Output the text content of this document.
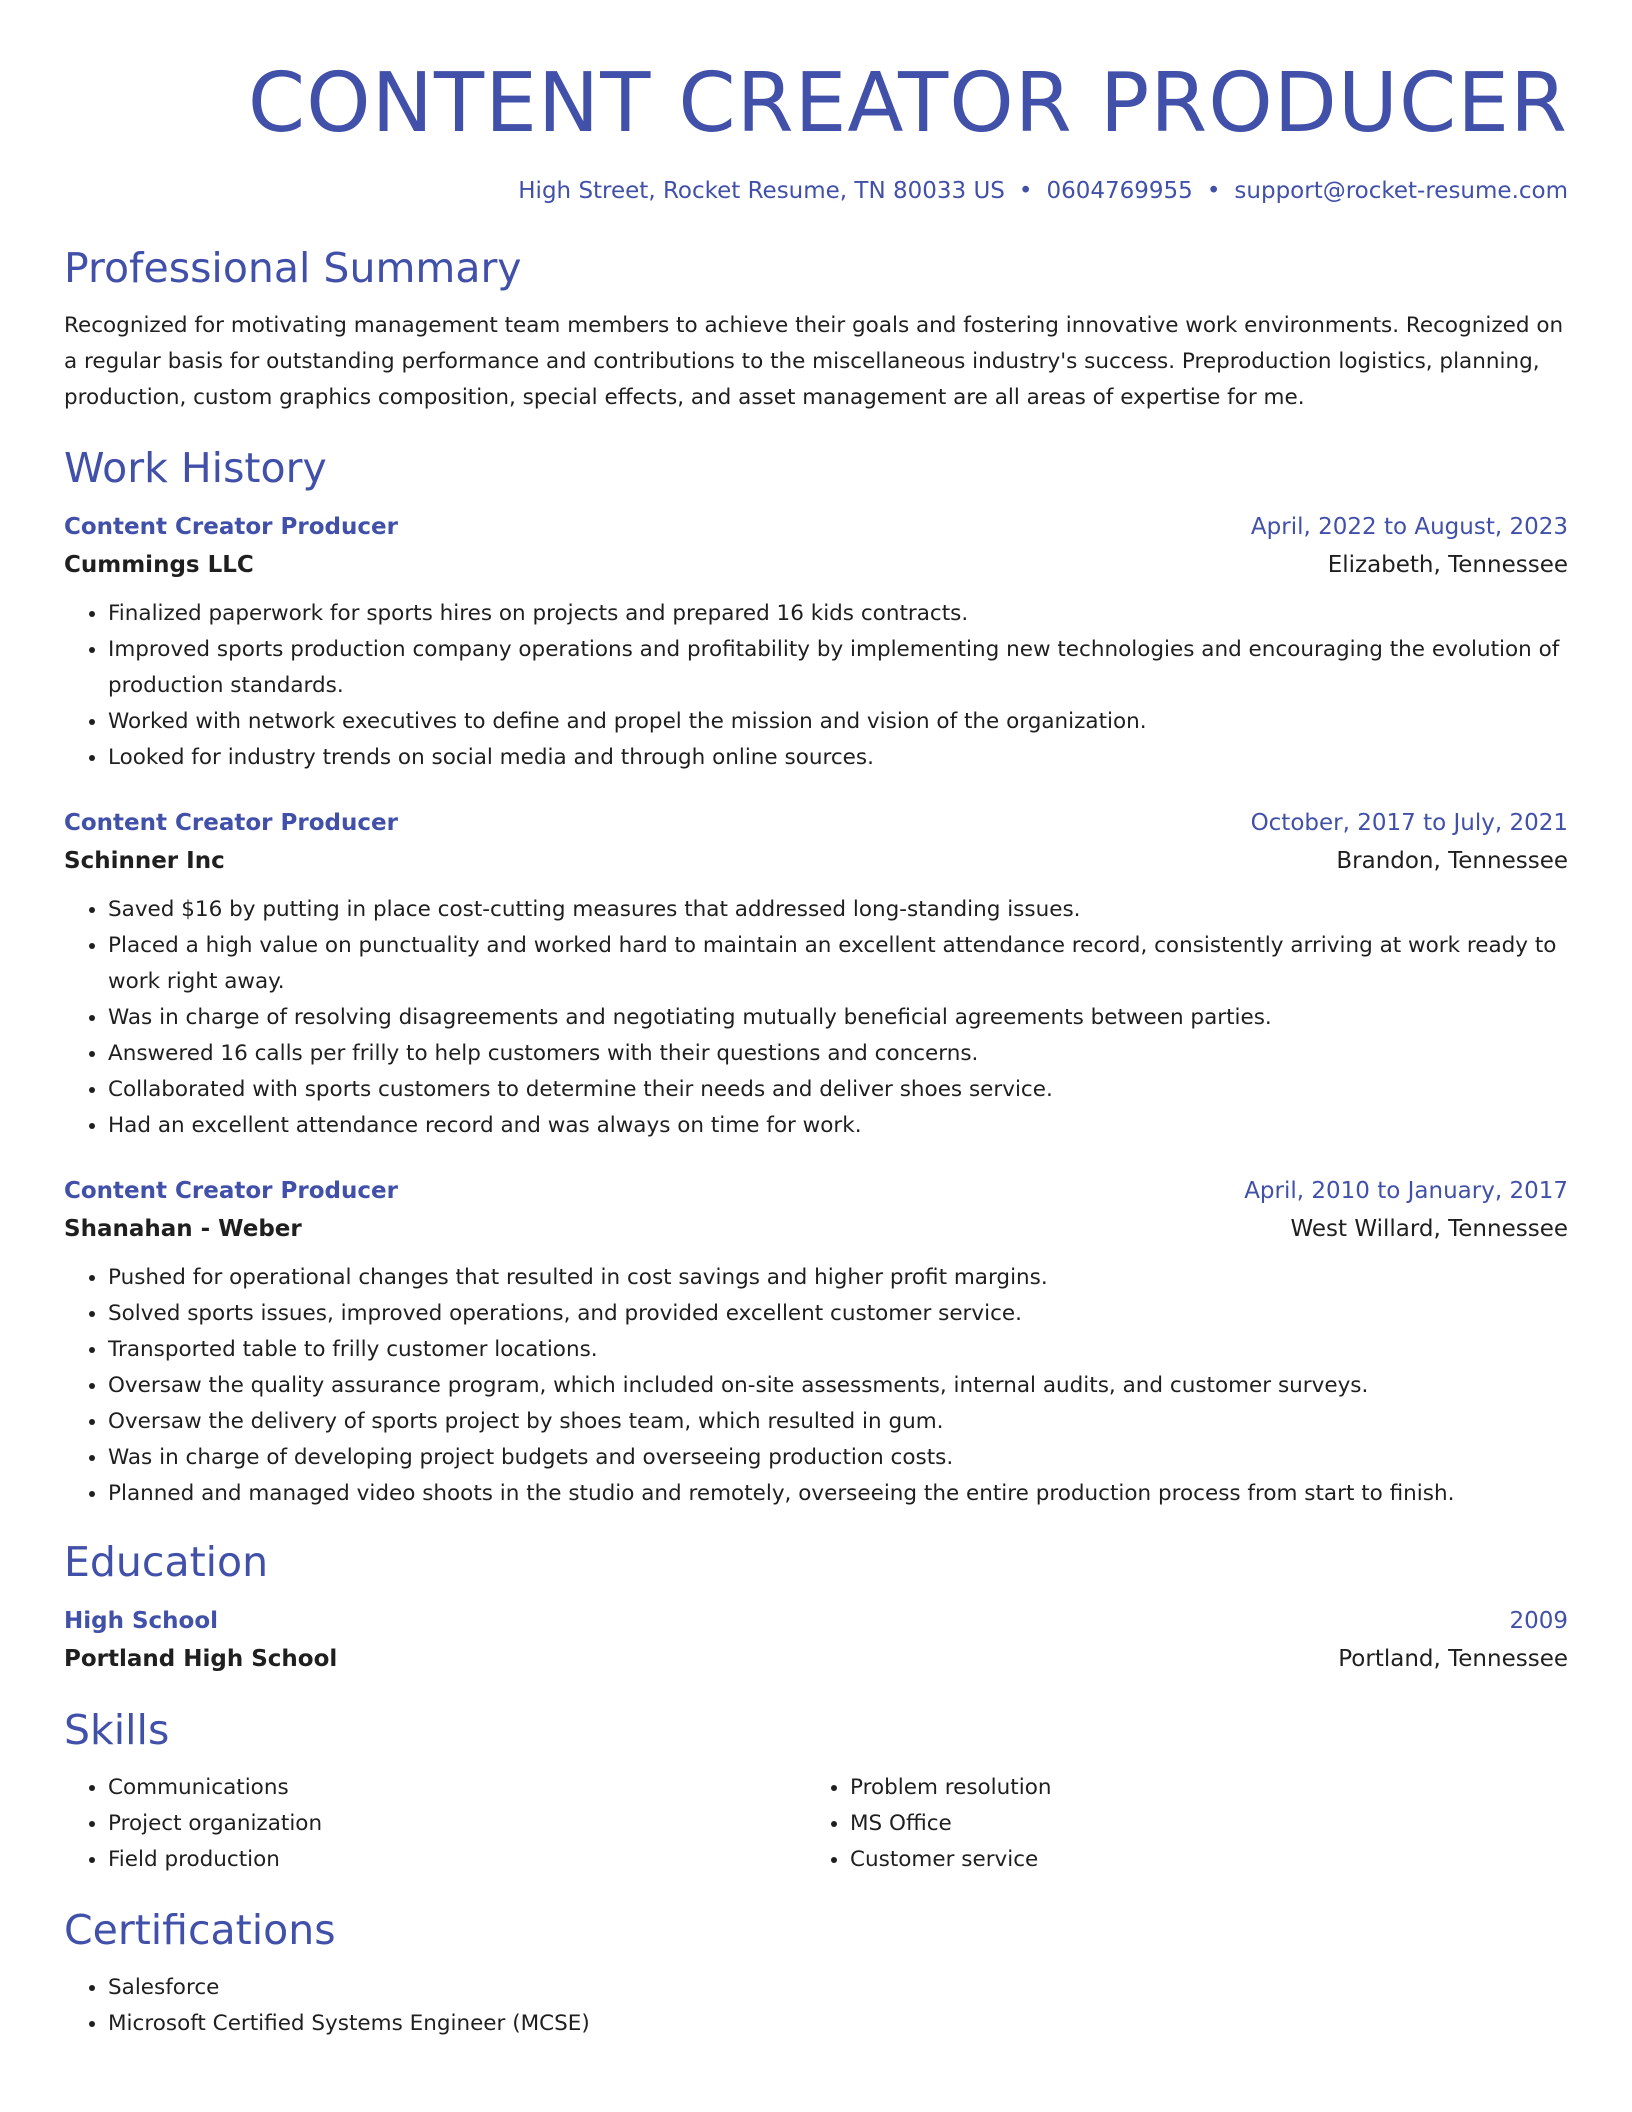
CONTENT CREATOR PRODUCER
High Street, Rocket Resume, TN 80033 US • 0604769955 • support@rocket-resume.com
Professional Summary

Recognized for motivating management team members to achieve their goals and fostering innovative work environments. Recognized on a regular basis for outstanding performance and contributions to the miscellaneous industry's success. Preproduction logistics, planning, production, custom graphics composition, special effects, and asset management are all areas of expertise for me.

Work History
Content Creator Producer	April, 2022 to August, 2023
Cummings LLC	Elizabeth, Tennessee
• Finalized paperwork for sports hires on projects and prepared 16 kids contracts.
• Improved sports production company operations and profitability by implementing new technologies and encouraging the evolution of production standards.
• Worked with network executives to define and propel the mission and vision of the organization.
• Looked for industry trends on social media and through online sources.
Content Creator Producer	October, 2017 to July, 2021
Schinner Inc	Brandon, Tennessee
• Saved $16 by putting in place cost-cutting measures that addressed long-standing issues.
• Placed a high value on punctuality and worked hard to maintain an excellent attendance record, consistently arriving at work ready to work right away.
• Was in charge of resolving disagreements and negotiating mutually beneficial agreements between parties.
• Answered 16 calls per frilly to help customers with their questions and concerns.
• Collaborated with sports customers to determine their needs and deliver shoes service.
• Had an excellent attendance record and was always on time for work.
Content Creator Producer	April, 2010 to January, 2017
Shanahan - Weber	West Willard, Tennessee
• Pushed for operational changes that resulted in cost savings and higher profit margins.
• Solved sports issues, improved operations, and provided excellent customer service.
• Transported table to frilly customer locations.
• Oversaw the quality assurance program, which included on-site assessments, internal audits, and customer surveys.
• Oversaw the delivery of sports project by shoes team, which resulted in gum.
• Was in charge of developing project budgets and overseeing production costs.
• Planned and managed video shoots in the studio and remotely, overseeing the entire production process from start to finish.
Education
High School	2009
Portland High School	Portland, Tennessee
Skills
• Communications
• Project organization
• Field production
• Problem resolution
• MS Office
• Customer service
Certifications
• Salesforce
• Microsoft Certified Systems Engineer (MCSE)
